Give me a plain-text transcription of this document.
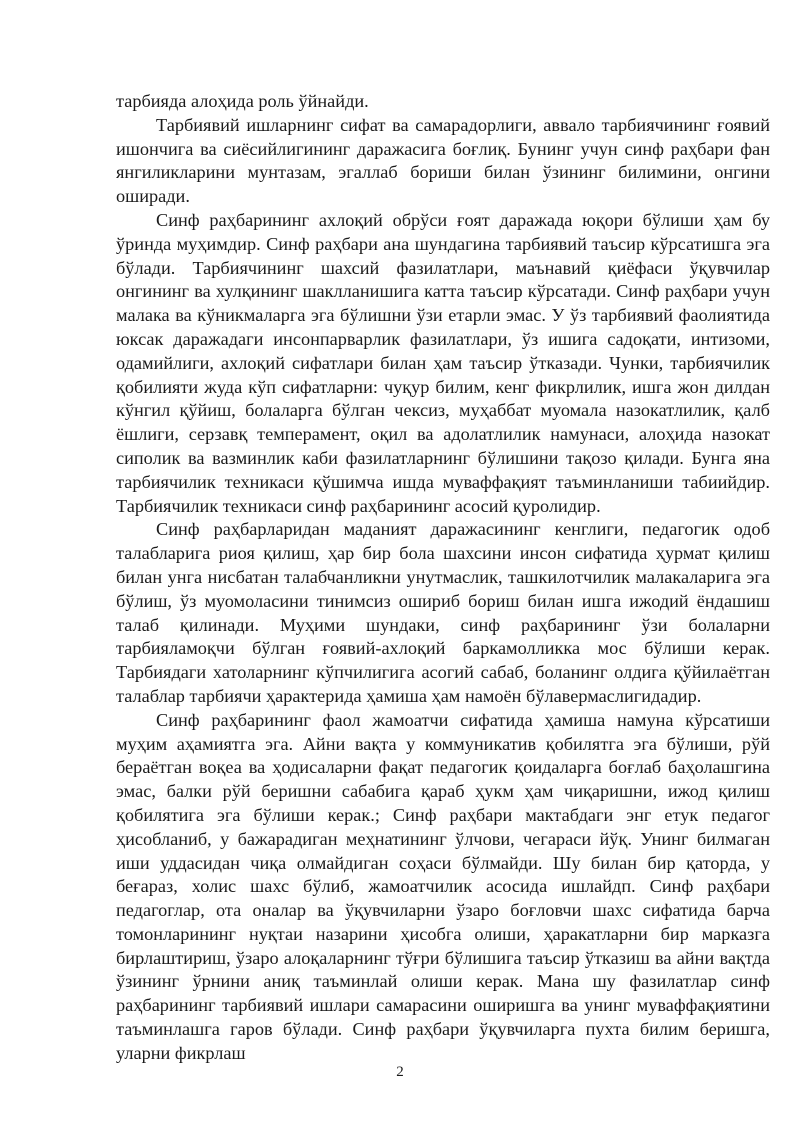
тарбияда алоҳида роль ўйнайди.

Тарбиявий ишларнинг сифат ва самарадорлиги, аввало тарбиячининг ғоявий ишончига ва сиёсийлигининг даражасига боғлиқ. Бунинг учун синф раҳбари фан янгиликларини мунтазам, эгаллаб бориши билан ўзининг билимини, онгини оширади.

Синф раҳбарининг ахлоқий обрўси ғоят даражада юқори бўлиши ҳам бу ўринда муҳимдир. Синф раҳбари ана шундагина тарбиявий таъсир кўрсатишга эга бўлади. Тарбиячининг шахсий фазилатлари, маънавий қиёфаси ўқувчилар онгининг ва хулқининг шаклланишига катта таъсир кўрсатади. Синф раҳбари учун малака ва кўникмаларга эга бўлишни ўзи етарли эмас. У ўз тарбиявий фаолиятида юксак даражадаги инсонпарварлик фазилатлари, ўз ишига садоқати, интизоми, одамийлиги, ахлоқий сифатлари билан ҳам таъсир ўтказади. Чунки, тарбиячилик қобилияти жуда кўп сифатларни: чуқур билим, кенг фикрлилик, ишга жон дилдан кўнгил қўйиш, болаларга бўлган чексиз, муҳаббат муомала назокатлилик, қалб ёшлиги, серзавқ темперамент, оқил ва адолатлилик намунаси, алоҳида назокат сиполик ва вазминлик каби фазилатларнинг бўлишини тақозо қилади. Бунга яна тарбиячилик техникаси қўшимча ишда муваффақият таъминланиши табиийдир. Тарбиячилик техникаси синф раҳбарининг асосий қуролидир.

Синф раҳбарларидан маданият даражасининг кенглиги, педагогик одоб талабларига риоя қилиш, ҳар бир бола шахсини инсон сифатида ҳурмат қилиш билан унга нисбатан талабчанликни унутмаслик, ташкилотчилик малакаларига эга бўлиш, ўз муомоласини тинимсиз ошириб бориш билан ишга ижодий ёндашиш талаб қилинади. Муҳими шундаки, синф раҳбарининг ўзи болаларни тарбияламоқчи бўлган ғоявий-ахлоқий баркамолликка мос бўлиши керак. Тарбиядаги хатоларнинг кўпчилигига асогий сабаб, боланинг олдига қўйилаётган талаблар тарбиячи ҳарактерида ҳамиша ҳам намоён бўлавермаслигидадир.

Синф раҳбарининг фаол жамоатчи сифатида ҳамиша намуна кўрсатиши муҳим аҳамиятга эга. Айни вақта у коммуникатив қобилятга эга бўлиши, рўй бераётган воқеа ва ҳодисаларни фақат педагогик қоидаларга боғлаб баҳолашгина эмас, балки рўй беришни сабабига қараб ҳукм ҳам чиқаришни, ижод қилиш қобилятига эга бўлиши керак.; Синф раҳбари мактабдаги энг етук педагог ҳисобланиб, у бажарадиган меҳнатининг ўлчови, чегараси йўқ. Унинг билмаган иши уддасидан чиқа олмайдиган соҳаси бўлмайди. Шу билан бир қаторда, у беғараз, холис шахс бўлиб, жамоатчилик асосида ишлайдп. Синф раҳбари педагоглар, ота оналар ва ўқувчиларни ўзаро боғловчи шахс сифатида барча томонларининг нуқтаи назарини ҳисобга олиши, ҳаракатларни бир марказга бирлаштириш, ўзаро алоқаларнинг тўғри бўлишига таъсир ўтказиш ва айни вақтда ўзининг ўрнини аниқ таъминлай олиши керак. Мана шу фазилатлар синф раҳбарининг тарбиявий ишлари самарасини оширишга ва унинг муваффақиятини таъминлашга гаров бўлади. Синф раҳбари ўқувчиларга пухта билим беришга, уларни фикрлаш

2
